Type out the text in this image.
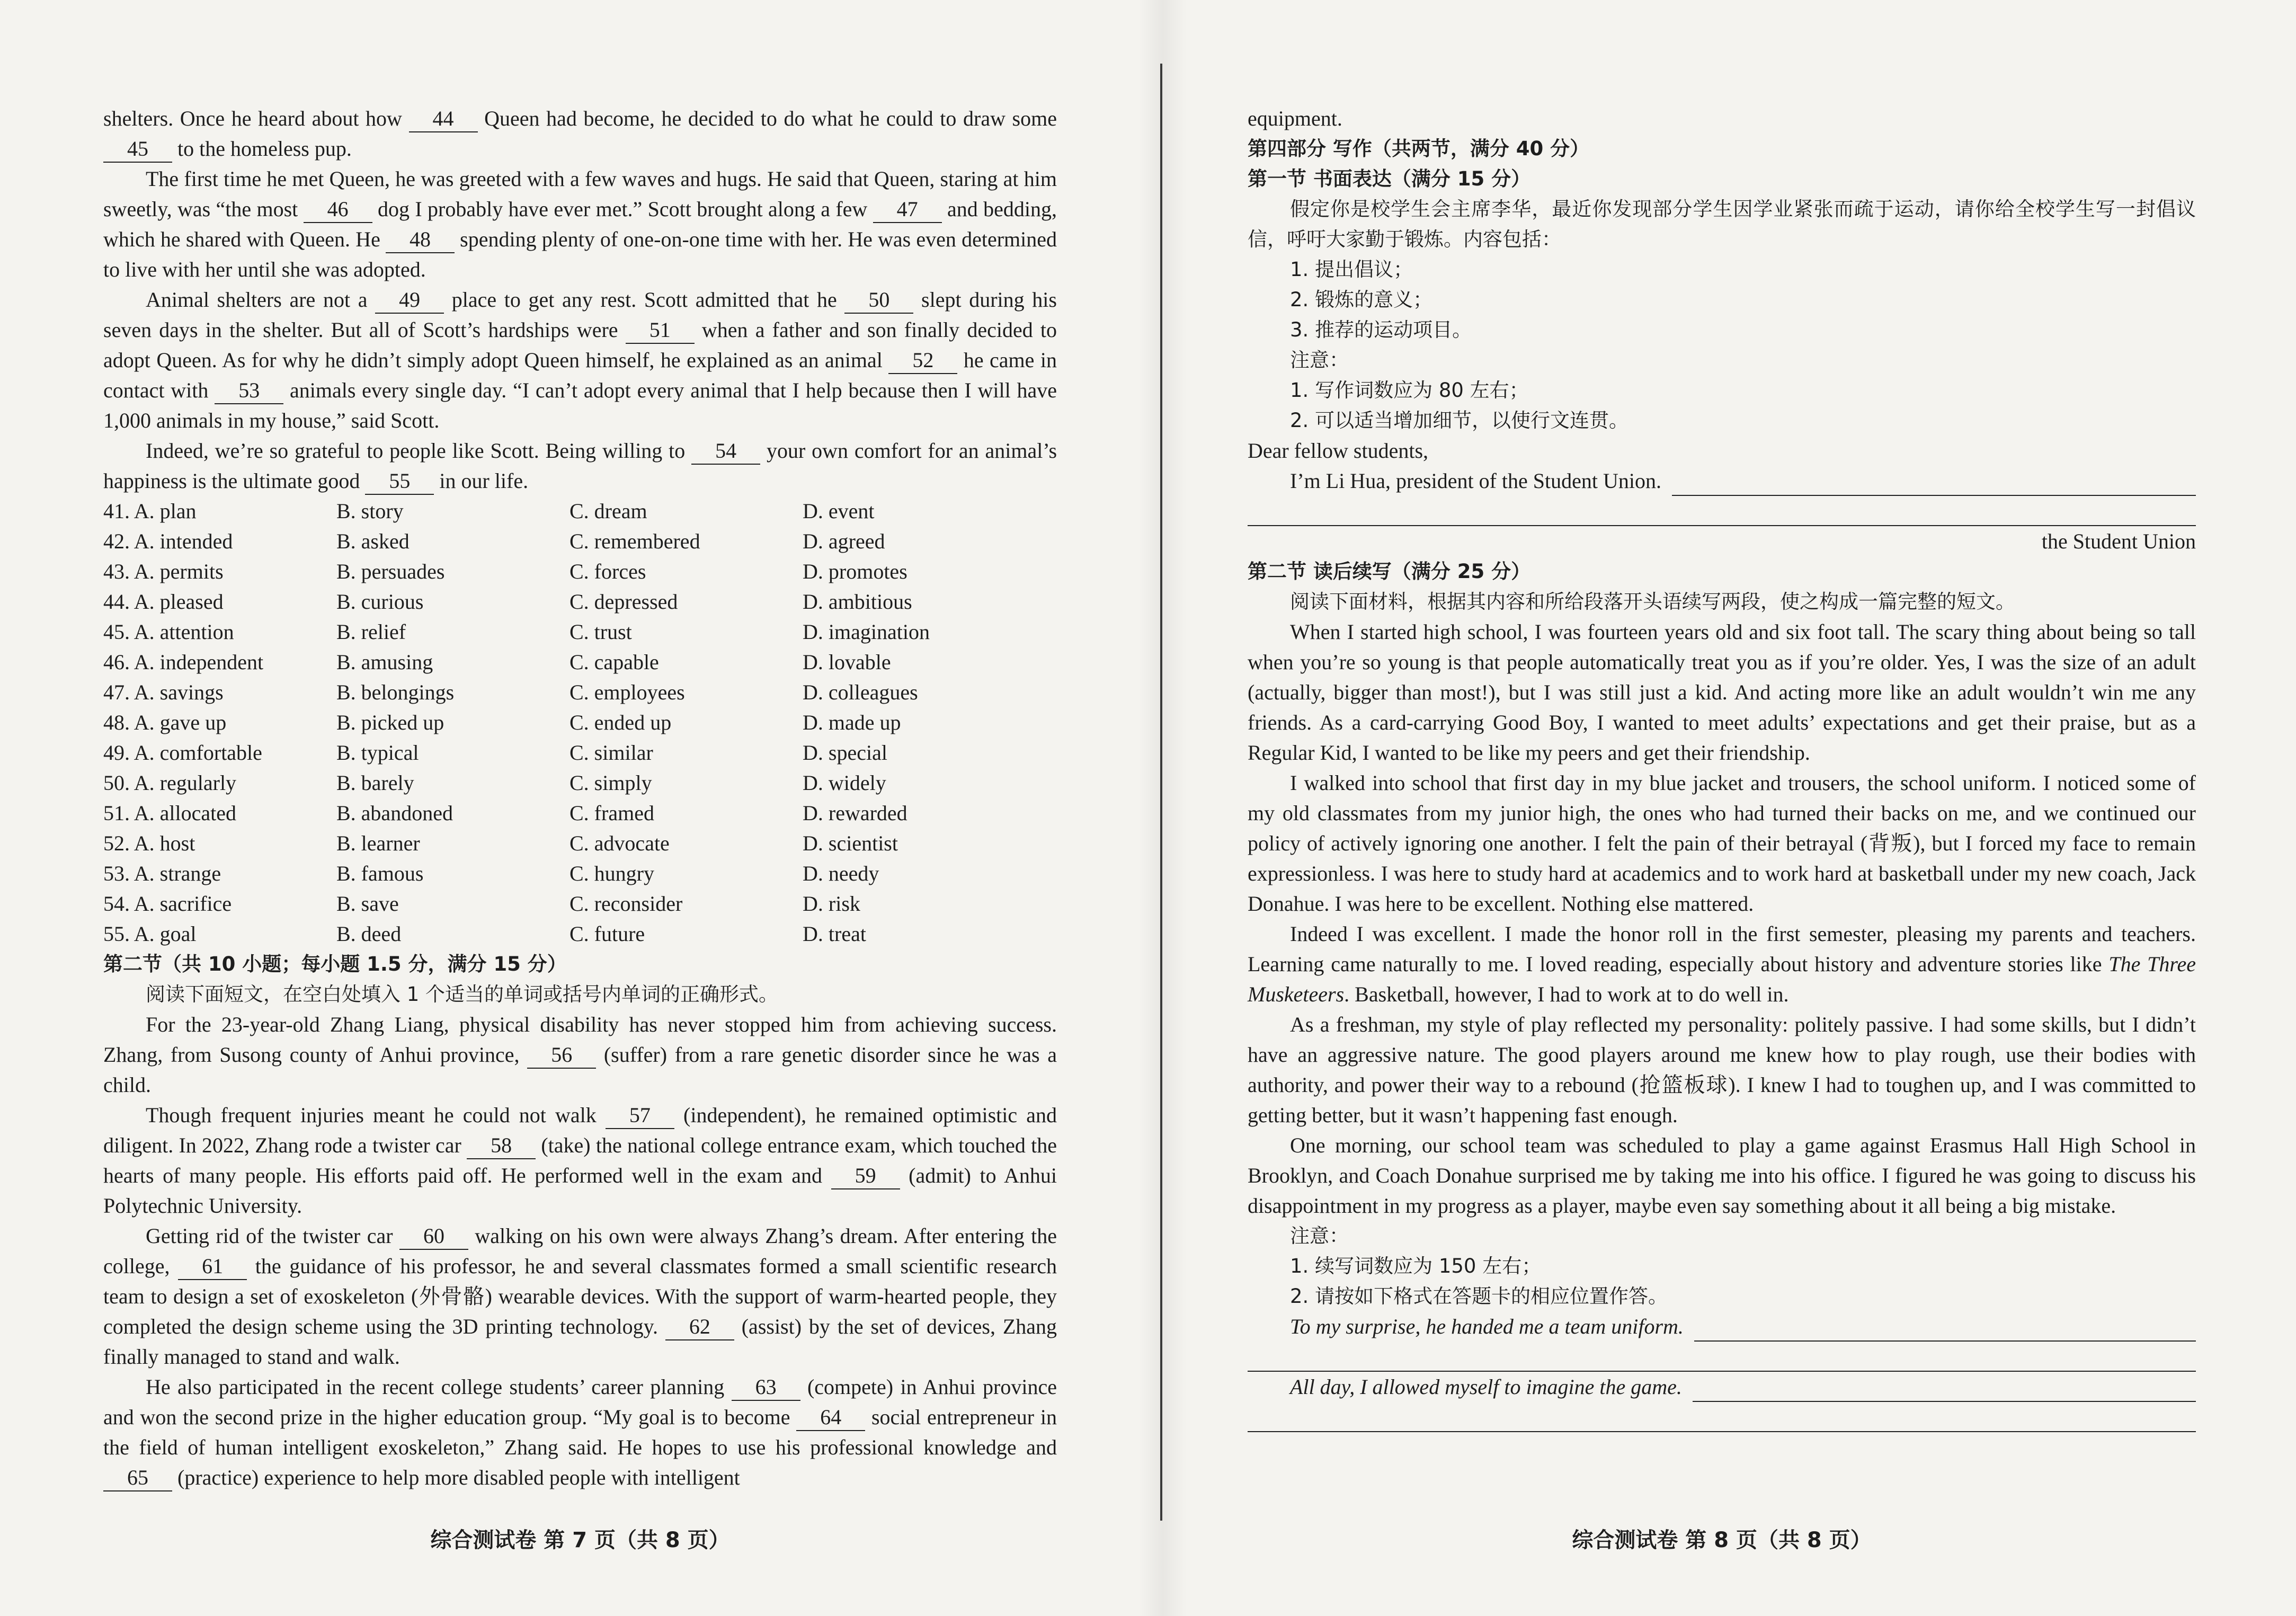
shelters. Once he heard about how 44 Queen had become, he decided to do what he could to draw some 45 to the homeless pup.

The first time he met Queen, he was greeted with a few waves and hugs. He said that Queen, staring at him sweetly, was “the most 46 dog I probably have ever met.” Scott brought along a few 47 and bedding, which he shared with Queen. He 48 spending plenty of one-on-one time with her. He was even determined to live with her until she was adopted.

Animal shelters are not a 49 place to get any rest. Scott admitted that he 50 slept during his seven days in the shelter. But all of Scott’s hardships were 51 when a father and son finally decided to adopt Queen. As for why he didn’t simply adopt Queen himself, he explained as an animal 52 he came in contact with 53 animals every single day. “I can’t adopt every animal that I help because then I will have 1,000 animals in my house,” said Scott.

Indeed, we’re so grateful to people like Scott. Being willing to 54 your own comfort for an animal’s happiness is the ultimate good 55 in our life.

41. A. plan	B. story	C. dream	D. event
42. A. intended	B. asked	C. remembered	D. agreed
43. A. permits	B. persuades	C. forces	D. promotes
44. A. pleased	B. curious	C. depressed	D. ambitious
45. A. attention	B. relief	C. trust	D. imagination
46. A. independent	B. amusing	C. capable	D. lovable
47. A. savings	B. belongings	C. employees	D. colleagues
48. A. gave up	B. picked up	C. ended up	D. made up
49. A. comfortable	B. typical	C. similar	D. special
50. A. regularly	B. barely	C. simply	D. widely
51. A. allocated	B. abandoned	C. framed	D. rewarded
52. A. host	B. learner	C. advocate	D. scientist
53. A. strange	B. famous	C. hungry	D. needy
54. A. sacrifice	B. save	C. reconsider	D. risk
55. A. goal	B. deed	C. future	D. treat
第二节（共 10 小题；每小题 1.5 分，满分 15 分）
阅读下面短文，在空白处填入 1 个适当的单词或括号内单词的正确形式。

For the 23-year-old Zhang Liang, physical disability has never stopped him from achieving success. Zhang, from Susong county of Anhui province, 56 (suffer) from a rare genetic disorder since he was a child.

Though frequent injuries meant he could not walk 57 (independent), he remained optimistic and diligent. In 2022, Zhang rode a twister car 58 (take) the national college entrance exam, which touched the hearts of many people. His efforts paid off. He performed well in the exam and 59 (admit) to Anhui Polytechnic University.

Getting rid of the twister car 60 walking on his own were always Zhang’s dream. After entering the college, 61 the guidance of his professor, he and several classmates formed a small scientific research team to design a set of exoskeleton (外骨骼) wearable devices. With the support of warm-hearted people, they completed the design scheme using the 3D printing technology. 62 (assist) by the set of devices, Zhang finally managed to stand and walk.

He also participated in the recent college students’ career planning 63 (compete) in Anhui province and won the second prize in the higher education group. “My goal is to become 64 social entrepreneur in the field of human intelligent exoskeleton,” Zhang said. He hopes to use his professional knowledge and 65 (practice) experience to help more disabled people with intelligent

equipment.
第四部分 写作（共两节，满分 40 分）
第一节 书面表达（满分 15 分）

假定你是校学生会主席李华，最近你发现部分学生因学业紧张而疏于运动，请你给全校学生写一封倡议信，呼吁大家勤于锻炼。内容包括：

1. 提出倡议；
2. 锻炼的意义；
3. 推荐的运动项目。
注意：
1. 写作词数应为 80 左右；
2. 可以适当增加细节，以使行文连贯。
Dear fellow students,
I’m Li Hua, president of the Student Union.
the Student Union
第二节 读后续写（满分 25 分）
阅读下面材料，根据其内容和所给段落开头语续写两段，使之构成一篇完整的短文。

When I started high school, I was fourteen years old and six foot tall. The scary thing about being so tall when you’re so young is that people automatically treat you as if you’re older. Yes, I was the size of an adult (actually, bigger than most!), but I was still just a kid. And acting more like an adult wouldn’t win me any friends. As a card-carrying Good Boy, I wanted to meet adults’ expectations and get their praise, but as a Regular Kid, I wanted to be like my peers and get their friendship.

I walked into school that first day in my blue jacket and trousers, the school uniform. I noticed some of my old classmates from my junior high, the ones who had turned their backs on me, and we continued our policy of actively ignoring one another. I felt the pain of their betrayal (背叛), but I forced my face to remain expressionless. I was here to study hard at academics and to work hard at basketball under my new coach, Jack Donahue. I was here to be excellent. Nothing else mattered.

Indeed I was excellent. I made the honor roll in the first semester, pleasing my parents and teachers. Learning came naturally to me. I loved reading, especially about history and adventure stories like The Three Musketeers. Basketball, however, I had to work at to do well in.

As a freshman, my style of play reflected my personality: politely passive. I had some skills, but I didn’t have an aggressive nature. The good players around me knew how to play rough, use their bodies with authority, and power their way to a rebound (抢篮板球). I knew I had to toughen up, and I was committed to getting better, but it wasn’t happening fast enough.

One morning, our school team was scheduled to play a game against Erasmus Hall High School in Brooklyn, and Coach Donahue surprised me by taking me into his office. I figured he was going to discuss his disappointment in my progress as a player, maybe even say something about it all being a big mistake.

注意：
1. 续写词数应为 150 左右；
2. 请按如下格式在答题卡的相应位置作答。
To my surprise, he handed me a team uniform.
All day, I allowed myself to imagine the game.
综合测试卷 第 7 页（共 8 页）	综合测试卷 第 8 页（共 8 页）
